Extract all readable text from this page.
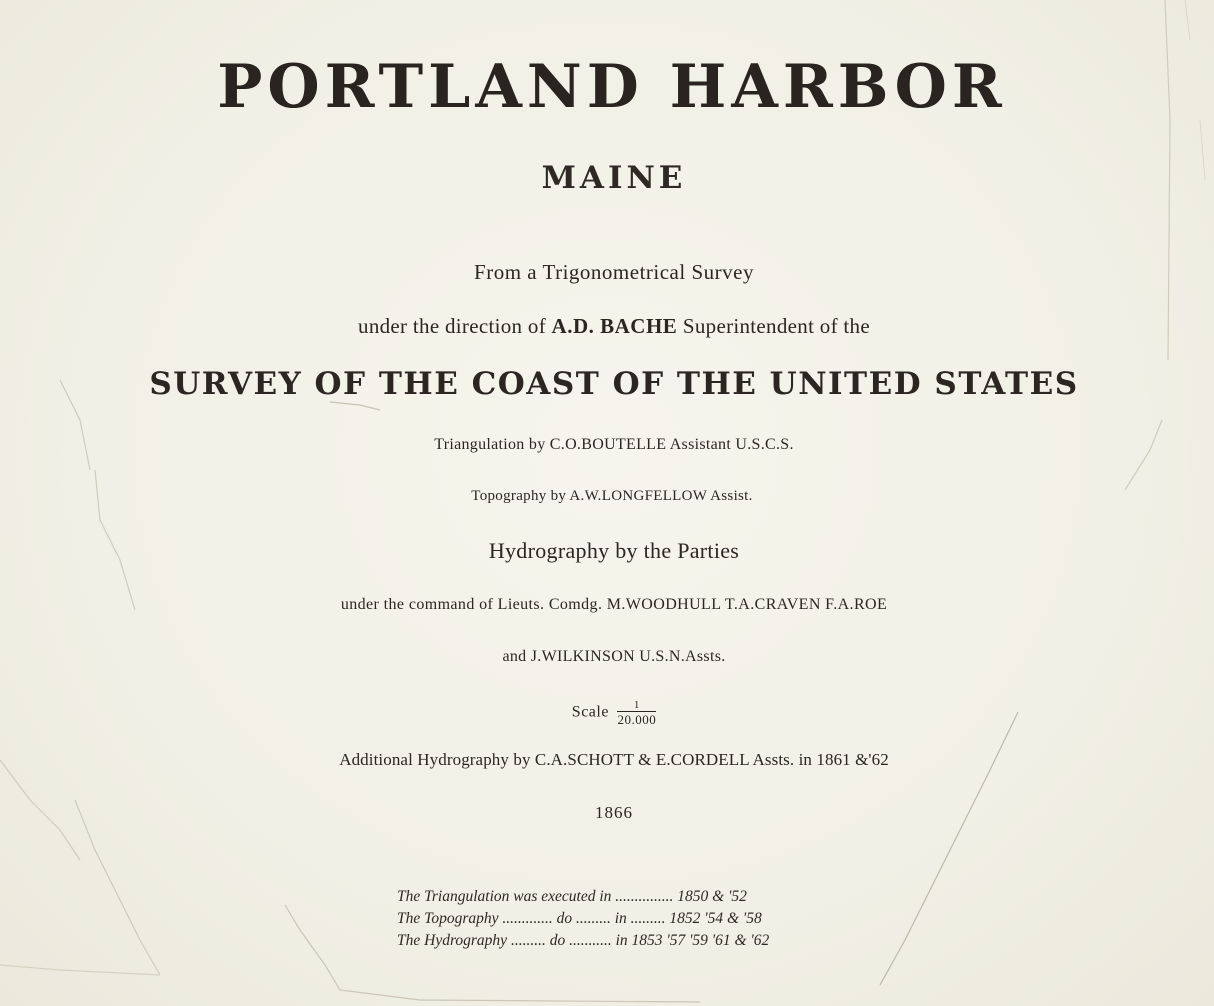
PORTLAND HARBOR
MAINE
From a Trigonometrical Survey
under the direction of A.D. BACHE Superintendent of the
SURVEY OF THE COAST OF THE UNITED STATES
Triangulation by C.O.BOUTELLE Assistant U.S.C.S.
Topography by A.W.LONGFELLOW Assist.
Hydrography by the Parties
under the command of Lieuts. Comdg. M.WOODHULL T.A.CRAVEN F.A.ROE
and J.WILKINSON U.S.N.Assts.
Scale	1
20.000
Additional Hydrography by C.A.SCHOTT & E.CORDELL Assts. in 1861 &'62
1866
The Triangulation was executed in ............... 1850 & '52
The Topography ............. do ......... in ......... 1852 '54 & '58
The Hydrography ......... do ........... in 1853 '57 '59 '61 & '62
